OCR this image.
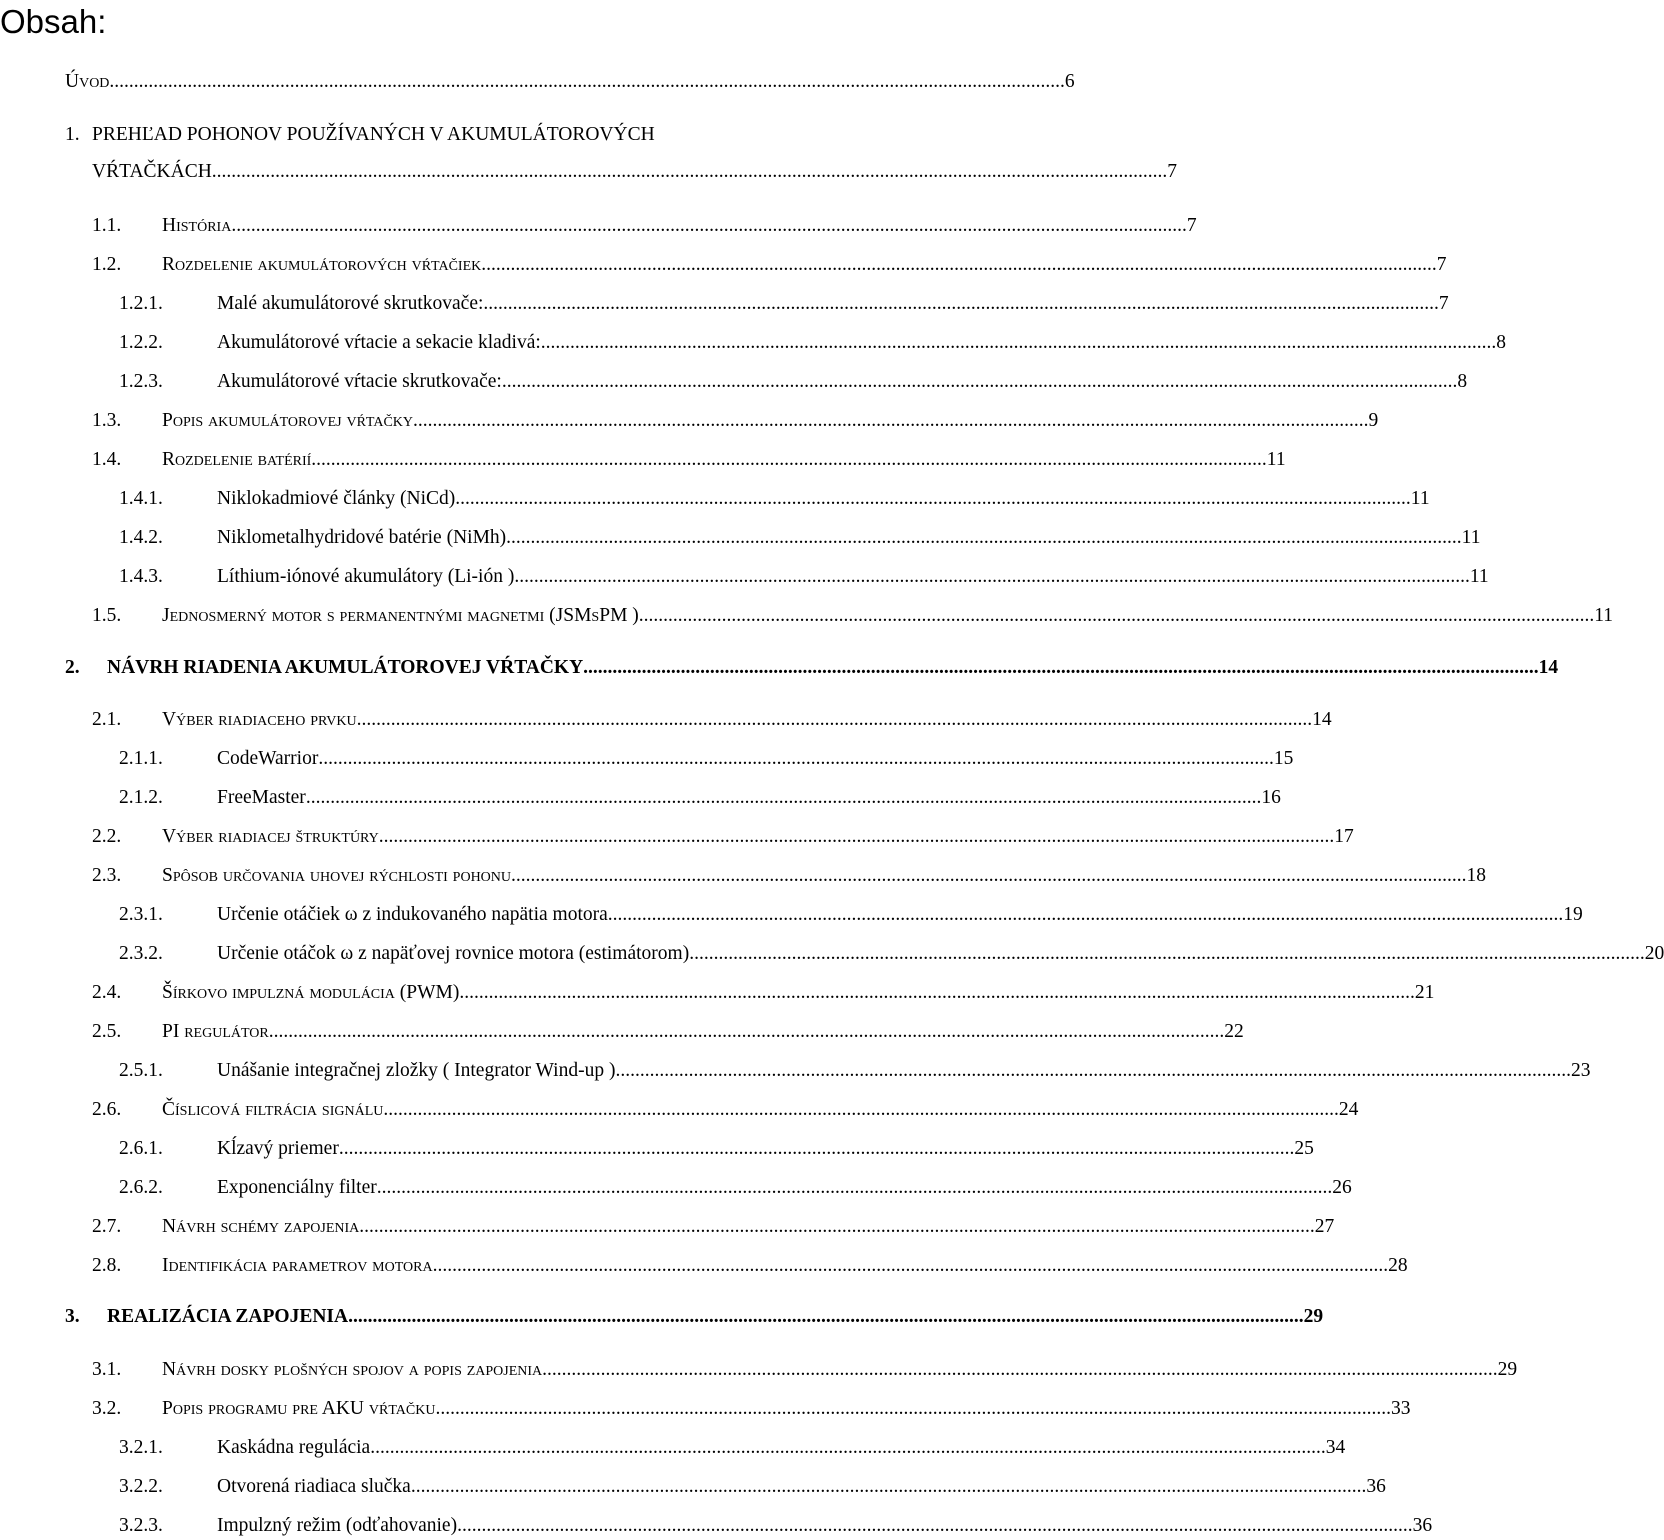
Obsah:
Úvod .................................................................................................................................................................................................... 6
1. PREHĽAD POHONOV POUŽÍVANÝCH V AKUMULÁTOROVÝCH
VŔTAČKÁCH .................................................................................................................................................................................................... 7
1.1. História .................................................................................................................................................................................................... 7
1.2. Rozdelenie akumulátorových vŕtačiek .................................................................................................................................................................................................... 7
1.2.1.	Malé akumulátorové skrutkovače: .................................................................................................................................................................................................... 7
1.2.2.	Akumulátorové vŕtacie a sekacie kladivá: .................................................................................................................................................................................................... 8
1.2.3.	Akumulátorové vŕtacie skrutkovače: .................................................................................................................................................................................................... 8
1.3. Popis akumulátorovej vŕtačky .................................................................................................................................................................................................... 9
1.4. Rozdelenie batérií .................................................................................................................................................................................................... 11
1.4.1.	Niklokadmiové články (NiCd) .................................................................................................................................................................................................... 11
1.4.2.	Niklometalhydridové batérie (NiMh) .................................................................................................................................................................................................... 11
1.4.3.	Líthium-iónové akumulátory (Li-ión ) .................................................................................................................................................................................................... 11
1.5. Jednosmerný motor s permanentnými magnetmi (JSMsPM ) .................................................................................................................................................................................................... 11
2. NÁVRH RIADENIA AKUMULÁTOROVEJ VŔTAČKY .................................................................................................................................................................................................... 14
2.1. Výber riadiaceho prvku .................................................................................................................................................................................................... 14
2.1.1.	CodeWarrior .................................................................................................................................................................................................... 15
2.1.2.	FreeMaster .................................................................................................................................................................................................... 16
2.2. Výber riadiacej štruktúry .................................................................................................................................................................................................... 17
2.3. Spôsob určovania uhovej rýchlosti pohonu .................................................................................................................................................................................................... 18
2.3.1.	Určenie otáčiek ω z indukovaného napätia motora .................................................................................................................................................................................................... 19
2.3.2.	Určenie otáčok ω z napäťovej rovnice motora (estimátorom) .................................................................................................................................................................................................... 20
2.4. Šírkovo impulzná modulácia (PWM) .................................................................................................................................................................................................... 21
2.5. PI regulátor .................................................................................................................................................................................................... 22
2.5.1.	Unášanie integračnej zložky ( Integrator Wind-up ) .................................................................................................................................................................................................... 23
2.6. Číslicová filtrácia signálu .................................................................................................................................................................................................... 24
2.6.1.	Kĺzavý priemer .................................................................................................................................................................................................... 25
2.6.2.	Exponenciálny filter .................................................................................................................................................................................................... 26
2.7. Návrh schémy zapojenia .................................................................................................................................................................................................... 27
2.8. Identifikácia parametrov motora .................................................................................................................................................................................................... 28
3. REALIZÁCIA ZAPOJENIA .................................................................................................................................................................................................... 29
3.1. Návrh dosky plošných spojov a popis zapojenia .................................................................................................................................................................................................... 29
3.2. Popis programu pre AKU vŕtačku .................................................................................................................................................................................................... 33
3.2.1.	Kaskádna regulácia .................................................................................................................................................................................................... 34
3.2.2.	Otvorená riadiaca slučka .................................................................................................................................................................................................... 36
3.2.3.	Impulzný režim (odťahovanie) .................................................................................................................................................................................................... 36
